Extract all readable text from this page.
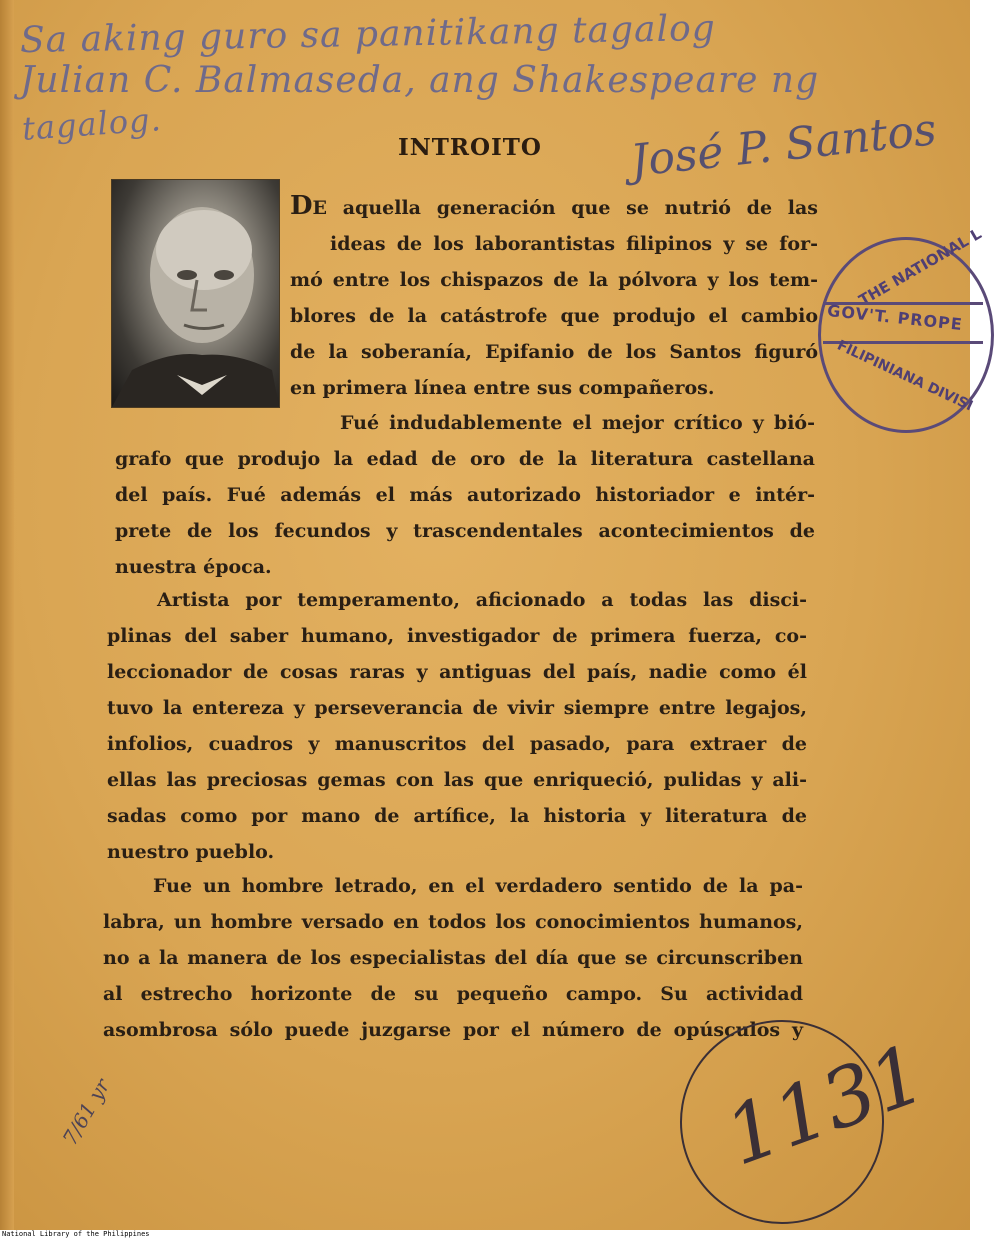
Sa aking guro sa panitikang tagalog
Julian C. Balmaseda, ang Shakespeare ng
tagalog.	José P. Santos
INTROITO
DE aquella generación que se nutrió de las
ideas de los laborantistas filipinos y se for-
mó entre los chispazos de la pólvora y los tem-
blores de la catástrofe que produjo el cambio
de la soberanía, Epifanio de los Santos figuró
en primera línea entre sus compañeros.
Fué indudablemente el mejor crítico y bió-
grafo que produjo la edad de oro de la literatura castellana
del país. Fué además el más autorizado historiador e intér-
prete de los fecundos y trascendentales acontecimientos de
nuestra época.
Artista por temperamento, aficionado a todas las disci-
plinas del saber humano, investigador de primera fuerza, co-
leccionador de cosas raras y antiguas del país, nadie como él
tuvo la entereza y perseverancia de vivir siempre entre legajos,
infolios, cuadros y manuscritos del pasado, para extraer de
ellas las preciosas gemas con las que enriqueció, pulidas y ali-
sadas como por mano de artífice, la historia y literatura de
nuestro pueblo.
Fue un hombre letrado, en el verdadero sentido de la pa-
labra, un hombre versado en todos los conocimientos humanos,
no a la manera de los especialistas del día que se circunscriben
al estrecho horizonte de su pequeño campo. Su actividad
asombrosa sólo puede juzgarse por el número de opúsculos y
THE NATIONAL L
GOV'T. PROPE
FILIPINIANA DIVISI
1131
7/61 yr
National Library of the Philippines
